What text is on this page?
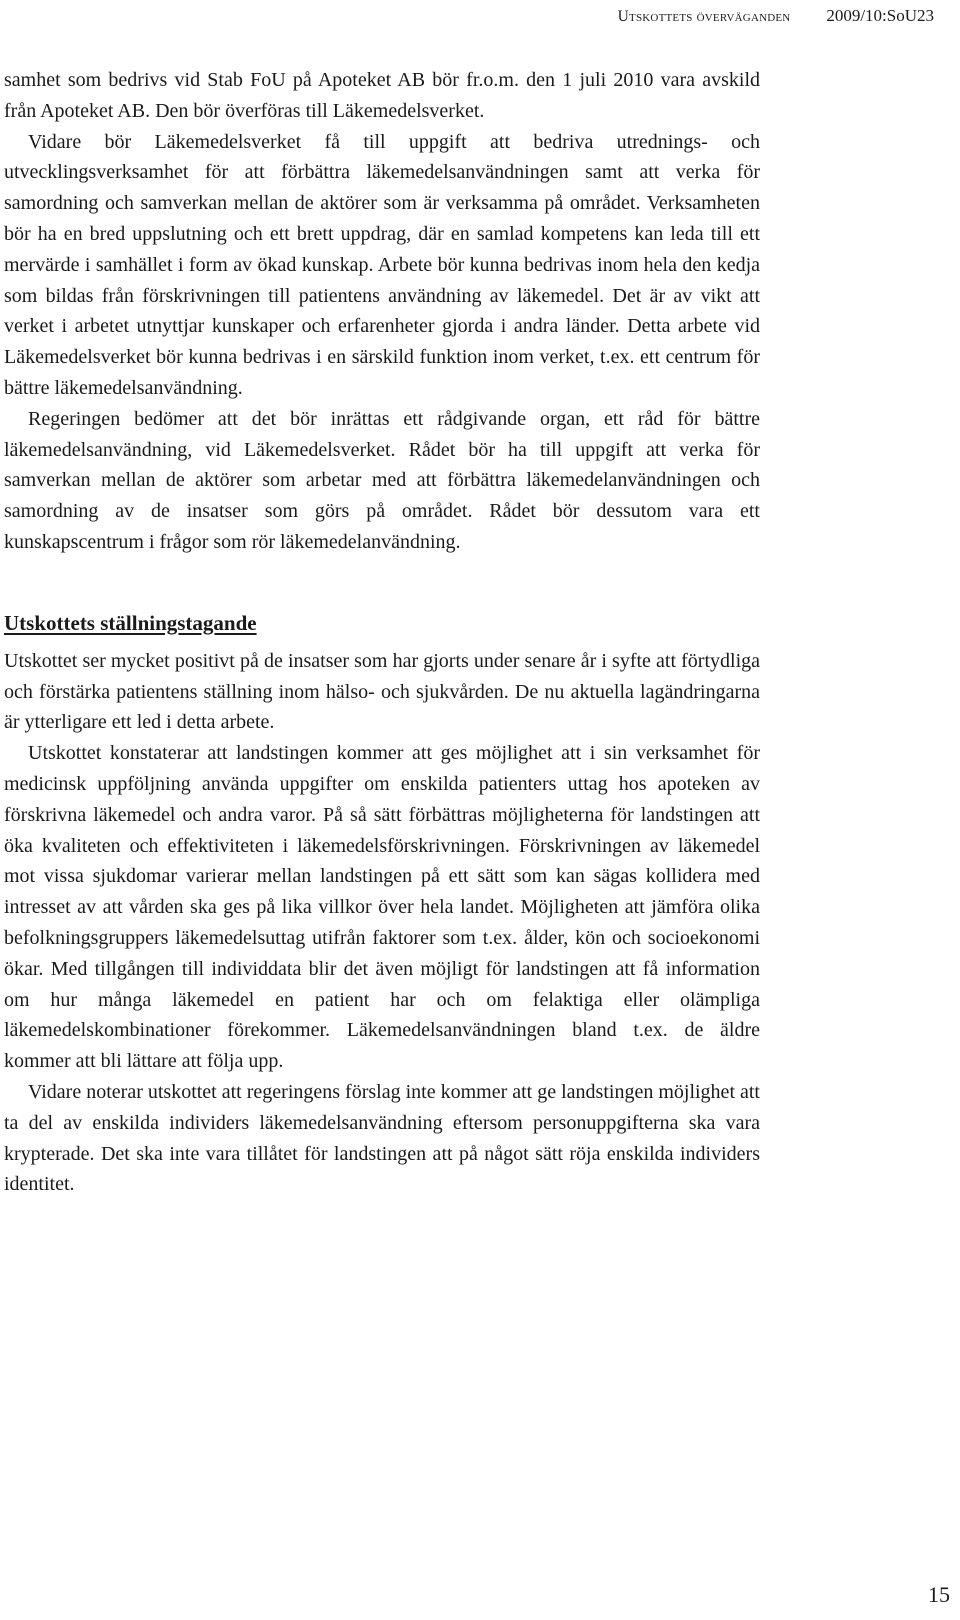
Utskottets överväganden 2009/10:SoU23

samhet som bedrivs vid Stab FoU på Apoteket AB bör fr.o.m. den 1 juli 2010 vara avskild från Apoteket AB. Den bör överföras till Läkemedelsverket.

Vidare bör Läkemedelsverket få till uppgift att bedriva utrednings- och utvecklingsverksamhet för att förbättra läkemedelsanvändningen samt att verka för samordning och samverkan mellan de aktörer som är verksamma på området. Verksamheten bör ha en bred uppslutning och ett brett uppdrag, där en samlad kompetens kan leda till ett mervärde i samhället i form av ökad kunskap. Arbete bör kunna bedrivas inom hela den kedja som bildas från förskrivningen till patientens användning av läkemedel. Det är av vikt att verket i arbetet utnyttjar kunskaper och erfarenheter gjorda i andra länder. Detta arbete vid Läkemedelsverket bör kunna bedrivas i en särskild funktion inom verket, t.ex. ett centrum för bättre läkemedelsanvändning.

Regeringen bedömer att det bör inrättas ett rådgivande organ, ett råd för bättre läkemedelsanvändning, vid Läkemedelsverket. Rådet bör ha till uppgift att verka för samverkan mellan de aktörer som arbetar med att förbättra läkemedelanvändningen och samordning av de insatser som görs på området. Rådet bör dessutom vara ett kunskapscentrum i frågor som rör läkemedelanvändning.

Utskottets ställningstagande

Utskottet ser mycket positivt på de insatser som har gjorts under senare år i syfte att förtydliga och förstärka patientens ställning inom hälso- och sjukvården. De nu aktuella lagändringarna är ytterligare ett led i detta arbete.

Utskottet konstaterar att landstingen kommer att ges möjlighet att i sin verksamhet för medicinsk uppföljning använda uppgifter om enskilda patienters uttag hos apoteken av förskrivna läkemedel och andra varor. På så sätt förbättras möjligheterna för landstingen att öka kvaliteten och effektiviteten i läkemedelsförskrivningen. Förskrivningen av läkemedel mot vissa sjukdomar varierar mellan landstingen på ett sätt som kan sägas kollidera med intresset av att vården ska ges på lika villkor över hela landet. Möjligheten att jämföra olika befolkningsgruppers läkemedelsuttag utifrån faktorer som t.ex. ålder, kön och socioekonomi ökar. Med tillgången till individdata blir det även möjligt för landstingen att få information om hur många läkemedel en patient har och om felaktiga eller olämpliga läkemedelskombinationer förekommer. Läkemedelsanvändningen bland t.ex. de äldre kommer att bli lättare att följa upp.

Vidare noterar utskottet att regeringens förslag inte kommer att ge landstingen möjlighet att ta del av enskilda individers läkemedelsanvändning eftersom personuppgifterna ska vara krypterade. Det ska inte vara tillåtet för landstingen att på något sätt röja enskilda individers identitet.

15
